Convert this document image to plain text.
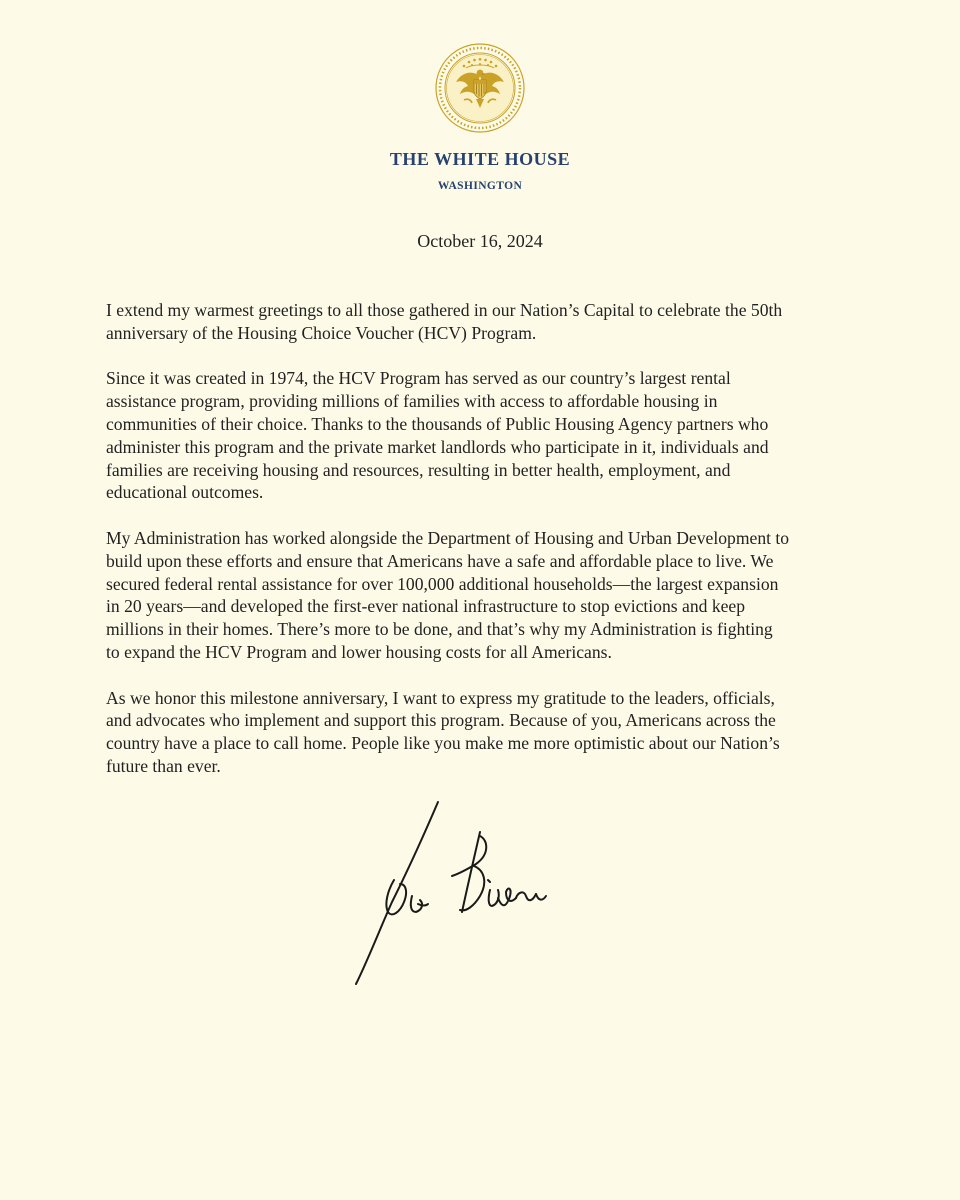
THE WHITE HOUSE
WASHINGTON
October 16, 2024

I extend my warmest greetings to all those gathered in our Nation’s Capital to celebrate the 50th
anniversary of the Housing Choice Voucher (HCV) Program.

Since it was created in 1974, the HCV Program has served as our country’s largest rental
assistance program, providing millions of families with access to affordable housing in
communities of their choice. Thanks to the thousands of Public Housing Agency partners who
administer this program and the private market landlords who participate in it, individuals and
families are receiving housing and resources, resulting in better health, employment, and
educational outcomes.

My Administration has worked alongside the Department of Housing and Urban Development to
build upon these efforts and ensure that Americans have a safe and affordable place to live. We
secured federal rental assistance for over 100,000 additional households—the largest expansion
in 20 years—and developed the first-ever national infrastructure to stop evictions and keep
millions in their homes. There’s more to be done, and that’s why my Administration is fighting
to expand the HCV Program and lower housing costs for all Americans.

As we honor this milestone anniversary, I want to express my gratitude to the leaders, officials,
and advocates who implement and support this program. Because of you, Americans across the
country have a place to call home. People like you make me more optimistic about our Nation’s
future than ever.
